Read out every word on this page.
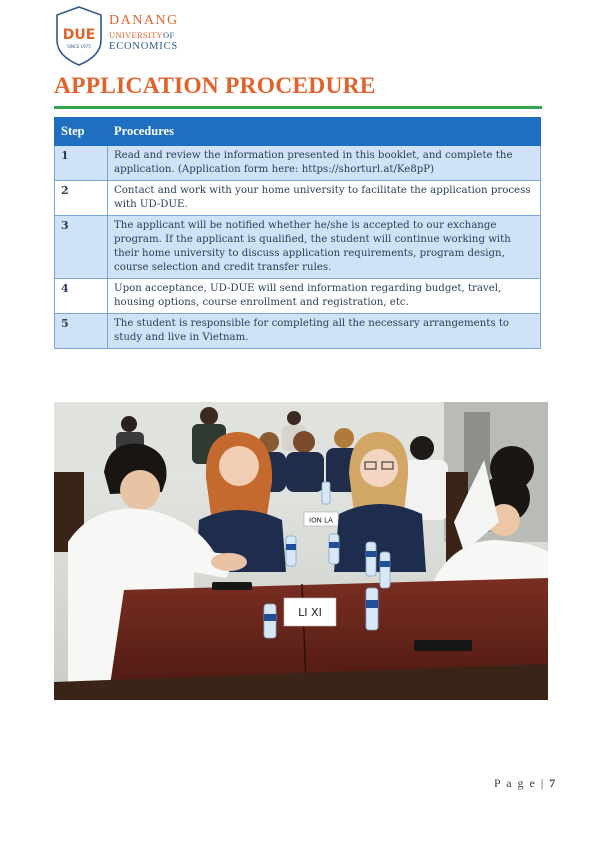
DUE
SINCE 1975
DANANG
UNIVERSITYOF
ECONOMICS
APPLICATION PROCEDURE
Step	Procedures
1	Read and review the information presented in this booklet, and complete the application. (Application form here: https://shorturl.at/Ke8pP)
2	Contact and work with your home university to facilitate the application process with UD-DUE.
3	The applicant will be notified whether he/she is accepted to our exchange program. If the applicant is qualified, the student will continue working with their home university to discuss application requirements, program design, course selection and credit transfer rules.
4	Upon acceptance, UD-DUE will send information regarding budget, travel, housing options, course enrollment and registration, etc.
5	The student is responsible for completing all the necessary arrangements to study and live in Vietnam.
ION LA
LI XI
P a g e | 7
